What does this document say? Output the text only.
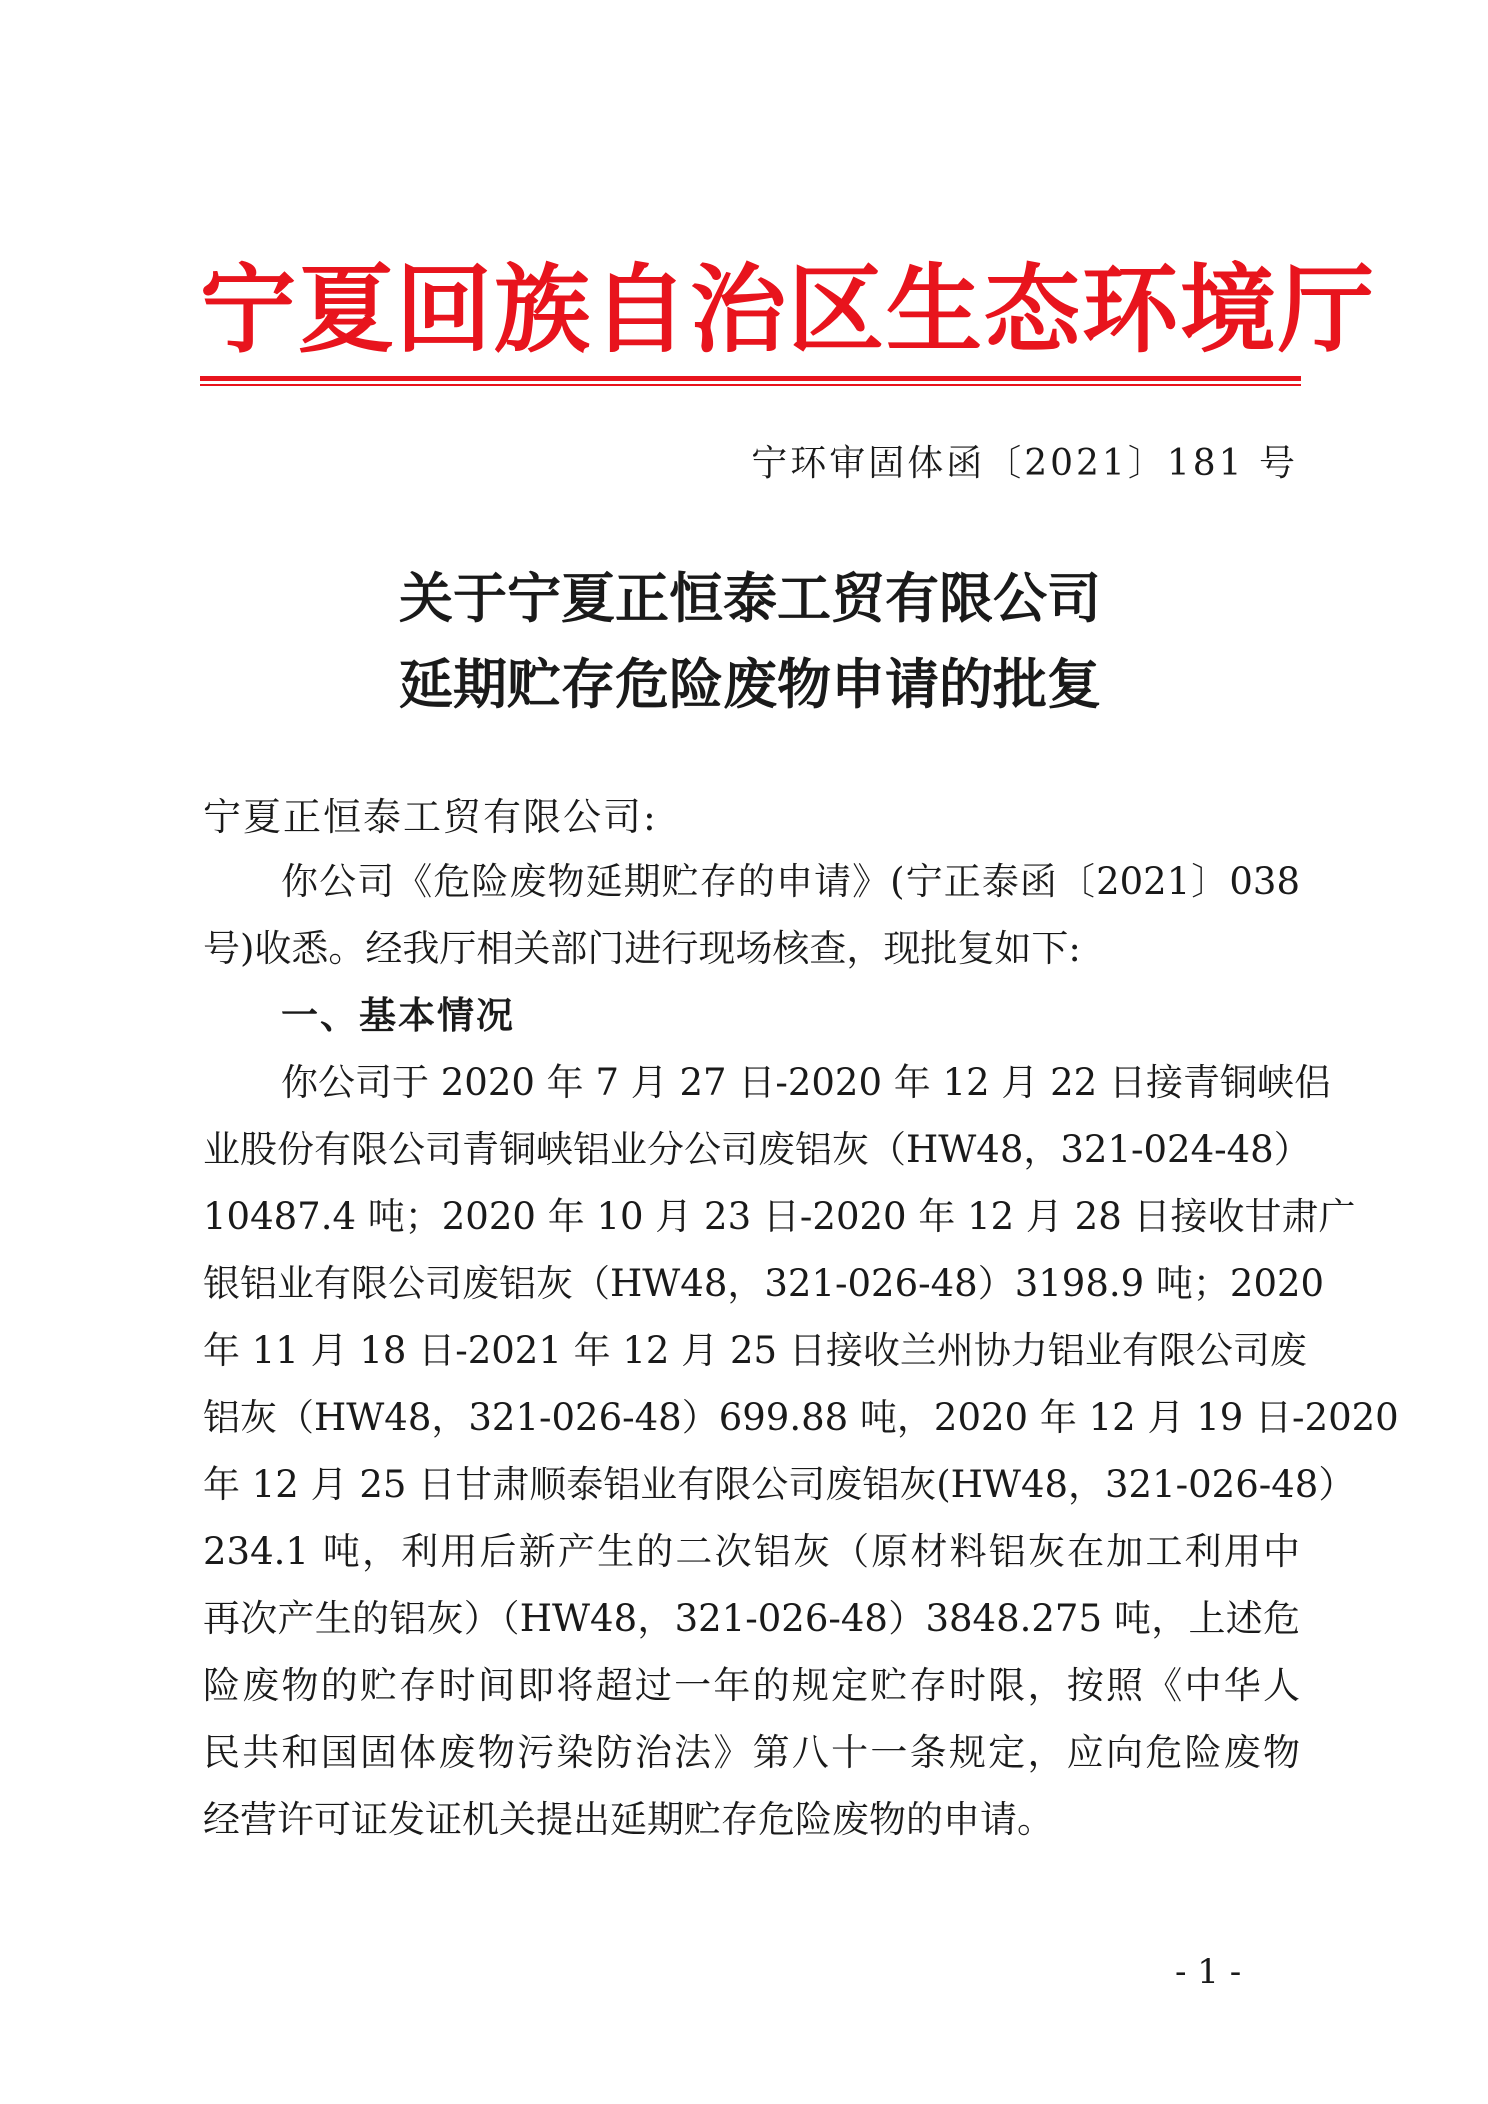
宁夏回族自治区生态环境厅
宁环审固体函〔2021〕181 号
关于宁夏正恒泰工贸有限公司
延期贮存危险废物申请的批复
宁夏正恒泰工贸有限公司:
你公司《危险废物延期贮存的申请》(宁正泰函〔2021〕038
号)收悉。经我厅相关部门进行现场核查，现批复如下:
一、基本情况
你公司于 2020 年 7 月 27 日-2020 年 12 月 22 日接青铜峡侣
业股份有限公司青铜峡铝业分公司废铝灰（HW48，321-024-48）
10487.4 吨；2020 年 10 月 23 日-2020 年 12 月 28 日接收甘肃广
银铝业有限公司废铝灰（HW48，321-026-48）3198.9 吨；2020
年 11 月 18 日-2021 年 12 月 25 日接收兰州协力铝业有限公司废
铝灰（HW48，321-026-48）699.88 吨，2020 年 12 月 19 日-2020
年 12 月 25 日甘肃顺泰铝业有限公司废铝灰(HW48，321-026-48）
234.1 吨，利用后新产生的二次铝灰（原材料铝灰在加工利用中
再次产生的铝灰）（HW48，321-026-48）3848.275 吨，上述危
险废物的贮存时间即将超过一年的规定贮存时限，按照《中华人
民共和国固体废物污染防治法》第八十一条规定，应向危险废物
经营许可证发证机关提出延期贮存危险废物的申请。
- 1 -
